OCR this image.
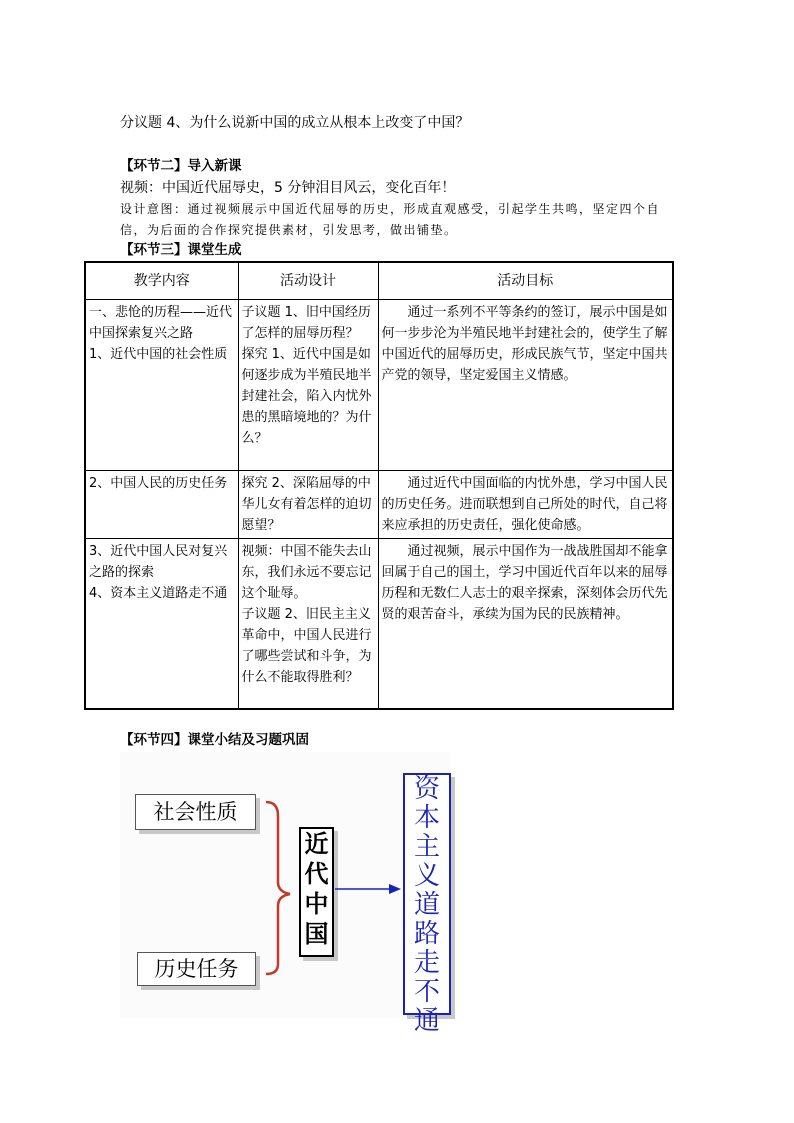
分议题 4、为什么说新中国的成立从根本上改变了中国？
【环节二】导入新课
视频：中国近代屈辱史，5 分钟泪目风云，变化百年！
设计意图：通过视频展示中国近代屈辱的历史，形成直观感受，引起学生共鸣，坚定四个自
信，为后面的合作探究提供素材，引发思考，做出铺垫。
【环节三】课堂生成
教学内容	活动设计	活动目标
一、悲怆的历程——近代中国探索复兴之路
1、近代中国的社会性质	子议题 1、旧中国经历了怎样的屈辱历程？
探究 1、近代中国是如何逐步成为半殖民地半封建社会，陷入内忧外患的黑暗境地的？为什么？	通过一系列不平等条约的签订，展示中国是如何一步步沦为半殖民地半封建社会的，使学生了解中国近代的屈辱历史，形成民族气节，坚定中国共产党的领导，坚定爱国主义情感。
2、中国人民的历史任务	探究 2、深陷屈辱的中华儿女有着怎样的迫切愿望？	通过近代中国面临的内忧外患，学习中国人民的历史任务。进而联想到自己所处的时代，自己将来应承担的历史责任，强化使命感。
3、近代中国人民对复兴之路的探索
4、资本主义道路走不通	视频：中国不能失去山东，我们永远不要忘记这个耻辱。
子议题 2、旧民主主义革命中，中国人民进行了哪些尝试和斗争，为什么不能取得胜利？	通过视频，展示中国作为一战战胜国却不能拿回属于自己的国土，学习中国近代百年以来的屈辱历程和无数仁人志士的艰辛探索，深刻体会历代先贤的艰苦奋斗，承续为国为民的民族精神。
【环节四】课堂小结及习题巩固
社会性质
历史任务
近
代
中
国
资
本
主
义
道
路
走
不
通
